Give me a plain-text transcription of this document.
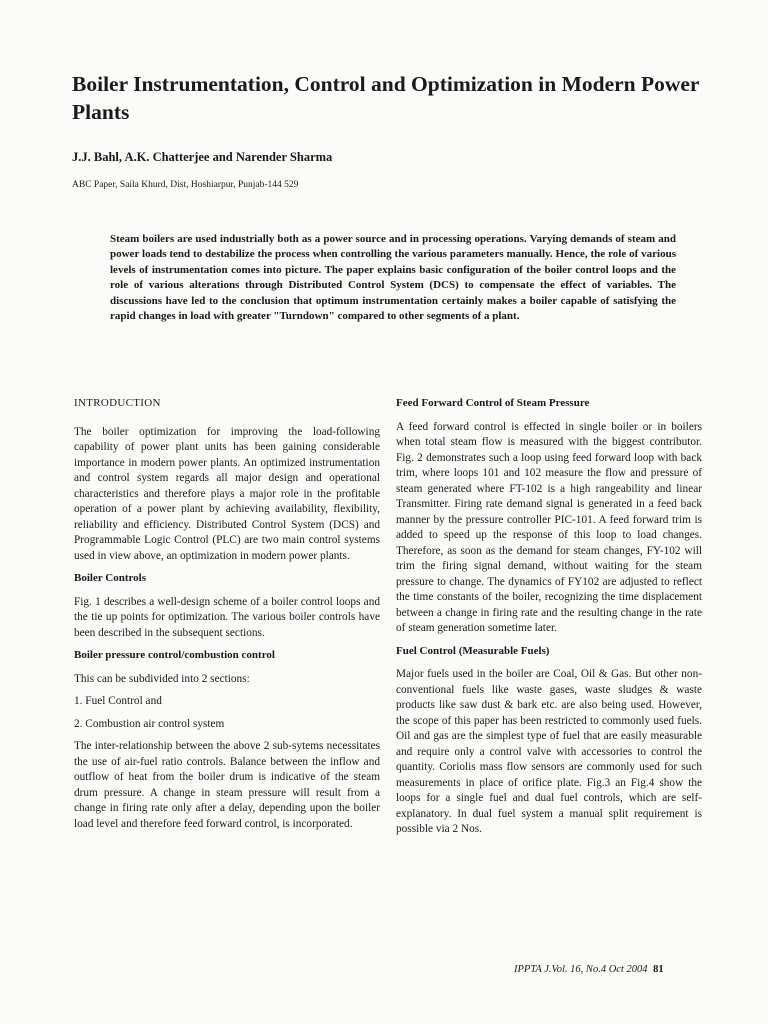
Boiler Instrumentation, Control and Optimization in Modern Power Plants
J.J. Bahl, A.K. Chatterjee and Narender Sharma
ABC Paper, Saila Khurd, Dist, Hoshiarpur, Punjab-144 529
Steam boilers are used industrially both as a power source and in processing operations. Varying demands of steam and power loads tend to destabilize the process when controlling the various parameters manually. Hence, the role of various levels of instrumentation comes into picture. The paper explains basic configuration of the boiler control loops and the role of various alterations through Distributed Control System (DCS) to compensate the effect of variables. The discussions have led to the conclusion that optimum instrumentation certainly makes a boiler capable of satisfying the rapid changes in load with greater "Turndown" compared to other segments of a plant.
INTRODUCTION

The boiler optimization for improving the load-following capability of power plant units has been gaining considerable importance in modern power plants. An optimized instrumentation and control system regards all major design and operational characteristics and therefore plays a major role in the profitable operation of a power plant by achieving availability, flexibility, reliability and efficiency. Distributed Control System (DCS) and Programmable Logic Control (PLC) are two main control systems used in view above, an optimization in modern power plants.

Boiler Controls

Fig. 1 describes a well-design scheme of a boiler control loops and the tie up points for optimization. The various boiler controls have been described in the subsequent sections.

Boiler pressure control/combustion control

This can be subdivided into 2 sections:

1. Fuel Control and

2. Combustion air control system

The inter-relationship between the above 2 sub-sytems necessitates the use of air-fuel ratio controls. Balance between the inflow and outflow of heat from the boiler drum is indicative of the steam drum pressure. A change in steam pressure will result from a change in firing rate only after a delay, depending upon the boiler load level and therefore feed forward control, is incorporated.

Feed Forward Control of Steam Pressure

A feed forward control is effected in single boiler or in boilers when total steam flow is measured with the biggest contributor. Fig. 2 demonstrates such a loop using feed forward loop with back trim, where loops 101 and 102 measure the flow and pressure of steam generated where FT-102 is a high rangeability and linear Transmitter. Firing rate demand signal is generated in a feed back manner by the pressure controller PIC-101. A feed forward trim is added to speed up the response of this loop to load changes. Therefore, as soon as the demand for steam changes, FY-102 will trim the firing signal demand, without waiting for the steam pressure to change. The dynamics of FY102 are adjusted to reflect the time constants of the boiler, recognizing the time displacement between a change in firing rate and the resulting change in the rate of steam generation sometime later.

Fuel Control (Measurable Fuels)

Major fuels used in the boiler are Coal, Oil & Gas. But other non-conventional fuels like waste gases, waste sludges & waste products like saw dust & bark etc. are also being used. However, the scope of this paper has been restricted to commonly used fuels. Oil and gas are the simplest type of fuel that are easily measurable and require only a control valve with accessories to control the quantity. Coriolis mass flow sensors are commonly used for such measurements in place of orifice plate. Fig.3 an Fig.4 show the loops for a single fuel and dual fuel controls, which are self-explanatory. In dual fuel system a manual split requirement is possible via 2 Nos.

IPPTA J.Vol. 16, No.4 Oct 2004 81
